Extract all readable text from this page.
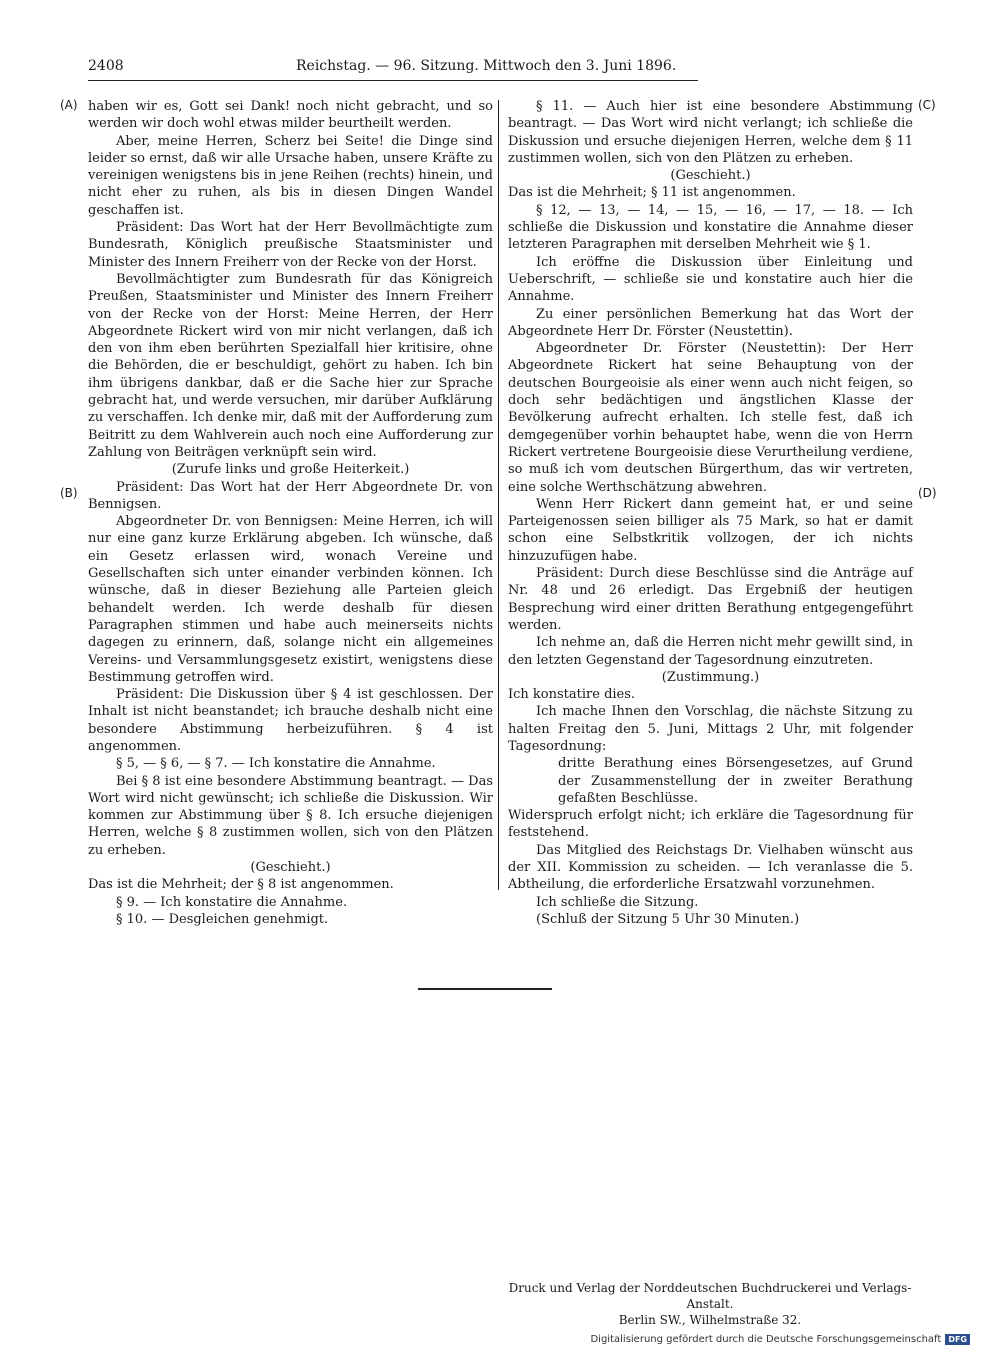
2408	Reichstag. — 96. Sitzung. Mittwoch den 3. Juni 1896.
(A)
(B)
(C)
(D)

haben wir es, Gott sei Dank! noch nicht gebracht, und so werden wir doch wohl etwas milder beurtheilt werden.

Aber, meine Herren, Scherz bei Seite! die Dinge sind leider so ernst, daß wir alle Ursache haben, unsere Kräfte zu vereinigen wenigstens bis in jene Reihen (rechts) hinein, und nicht eher zu ruhen, als bis in diesen Dingen Wandel geschaffen ist.

Präsident: Das Wort hat der Herr Bevollmächtigte zum Bundesrath, Königlich preußische Staatsminister und Minister des Innern Freiherr von der Recke von der Horst.

Bevollmächtigter zum Bundesrath für das Königreich Preußen, Staatsminister und Minister des Innern Freiherr von der Recke von der Horst: Meine Herren, der Herr Abgeordnete Rickert wird von mir nicht verlangen, daß ich den von ihm eben berührten Spezialfall hier kritisire, ohne die Behörden, die er beschuldigt, gehört zu haben. Ich bin ihm übrigens dankbar, daß er die Sache hier zur Sprache gebracht hat, und werde versuchen, mir darüber Aufklärung zu verschaffen. Ich denke mir, daß mit der Aufforderung zum Beitritt zu dem Wahlverein auch noch eine Aufforderung zur Zahlung von Beiträgen verknüpft sein wird.

(Zurufe links und große Heiterkeit.)

Präsident: Das Wort hat der Herr Abgeordnete Dr. von Bennigsen.

Abgeordneter Dr. von Bennigsen: Meine Herren, ich will nur eine ganz kurze Erklärung abgeben. Ich wünsche, daß ein Gesetz erlassen wird, wonach Vereine und Gesellschaften sich unter einander verbinden können. Ich wünsche, daß in dieser Beziehung alle Parteien gleich behandelt werden. Ich werde deshalb für diesen Paragraphen stimmen und habe auch meinerseits nichts dagegen zu erinnern, daß, solange nicht ein allgemeines Vereins- und Versammlungsgesetz existirt, wenigstens diese Bestimmung getroffen wird.

Präsident: Die Diskussion über § 4 ist geschlossen. Der Inhalt ist nicht beanstandet; ich brauche deshalb nicht eine besondere Abstimmung herbeizuführen. § 4 ist angenommen.

§ 5, — § 6, — § 7. — Ich konstatire die Annahme.

Bei § 8 ist eine besondere Abstimmung beantragt. — Das Wort wird nicht gewünscht; ich schließe die Diskussion. Wir kommen zur Abstimmung über § 8. Ich ersuche diejenigen Herren, welche § 8 zustimmen wollen, sich von den Plätzen zu erheben.

(Geschieht.)

Das ist die Mehrheit; der § 8 ist angenommen.

§ 9. — Ich konstatire die Annahme.

§ 10. — Desgleichen genehmigt.

§ 11. — Auch hier ist eine besondere Abstimmung beantragt. — Das Wort wird nicht verlangt; ich schließe die Diskussion und ersuche diejenigen Herren, welche dem § 11 zustimmen wollen, sich von den Plätzen zu erheben.

(Geschieht.)

Das ist die Mehrheit; § 11 ist angenommen.

§ 12, — 13, — 14, — 15, — 16, — 17, — 18. — Ich schließe die Diskussion und konstatire die Annahme dieser letzteren Paragraphen mit derselben Mehrheit wie § 1.

Ich eröffne die Diskussion über Einleitung und Ueberschrift, — schließe sie und konstatire auch hier die Annahme.

Zu einer persönlichen Bemerkung hat das Wort der Abgeordnete Herr Dr. Förster (Neustettin).

Abgeordneter Dr. Förster (Neustettin): Der Herr Abgeordnete Rickert hat seine Behauptung von der deutschen Bourgeoisie als einer wenn auch nicht feigen, so doch sehr bedächtigen und ängstlichen Klasse der Bevölkerung aufrecht erhalten. Ich stelle fest, daß ich demgegenüber vorhin behauptet habe, wenn die von Herrn Rickert vertretene Bourgeoisie diese Verurtheilung verdiene, so muß ich vom deutschen Bürgerthum, das wir vertreten, eine solche Werthschätzung abwehren.

Wenn Herr Rickert dann gemeint hat, er und seine Parteigenossen seien billiger als 75 Mark, so hat er damit schon eine Selbstkritik vollzogen, der ich nichts hinzuzufügen habe.

Präsident: Durch diese Beschlüsse sind die Anträge auf Nr. 48 und 26 erledigt. Das Ergebniß der heutigen Besprechung wird einer dritten Berathung entgegengeführt werden.

Ich nehme an, daß die Herren nicht mehr gewillt sind, in den letzten Gegenstand der Tagesordnung einzutreten.

(Zustimmung.)

Ich konstatire dies.

Ich mache Ihnen den Vorschlag, die nächste Sitzung zu halten Freitag den 5. Juni, Mittags 2 Uhr, mit folgender Tagesordnung:

dritte Berathung eines Börsengesetzes, auf Grund der Zusammenstellung der in zweiter Berathung gefaßten Beschlüsse.

Widerspruch erfolgt nicht; ich erkläre die Tagesordnung für feststehend.

Das Mitglied des Reichstags Dr. Vielhaben wünscht aus der XII. Kommission zu scheiden. — Ich veranlasse die 5. Abtheilung, die erforderliche Ersatzwahl vorzunehmen.

Ich schließe die Sitzung.

(Schluß der Sitzung 5 Uhr 30 Minuten.)

Druck und Verlag der Norddeutschen Buchdruckerei und Verlags-Anstalt.

Berlin SW., Wilhelmstraße 32.

Digitalisierung gefördert durch die Deutsche Forschungsgemeinschaft DFG
